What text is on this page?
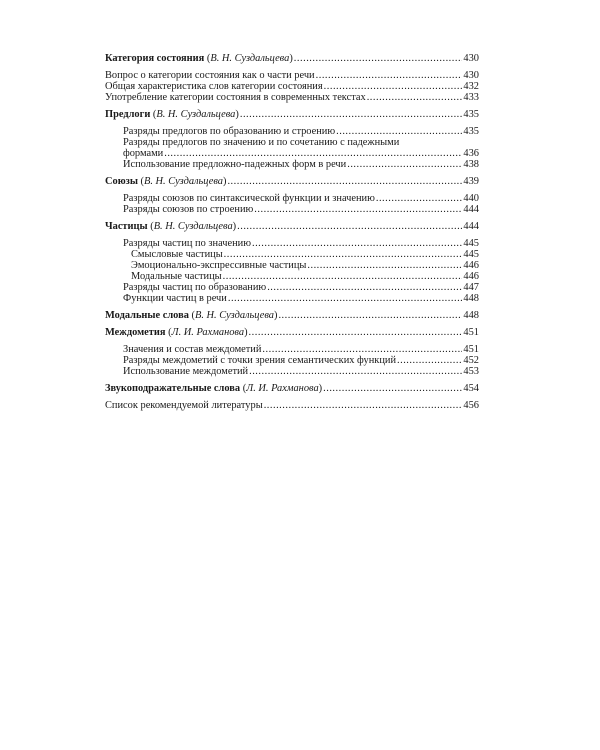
Категория состояния (В. Н. Суздальцева) .....	430
Вопрос о категории состояния как о части речи .....	430
Общая характеристика слов категории состояния .....	432
Употребление категории состояния в современных текстах .....	433
Предлоги (В. Н. Суздальцева) .....	435
Разряды предлогов по образованию и строению .....	435
Разряды предлогов по значению и по сочетанию с падежными
формами .....	436
Использование предложно-падежных форм в речи .....	438
Союзы (В. Н. Суздальцева) .....	439
Разряды союзов по синтаксической функции и значению .....	440
Разряды союзов по строению .....	444
Частицы (В. Н. Суздальцева) .....	444
Разряды частиц по значению .....	445
Смысловые частицы .....	445
Эмоционально-экспрессивные частицы .....	446
Модальные частицы .....	446
Разряды частиц по образованию .....	447
Функции частиц в речи .....	448
Модальные слова (В. Н. Суздальцева) .....	448
Междометия (Л. И. Рахманова) .....	451
Значения и состав междометий .....	451
Разряды междометий с точки зрения семантических функций .....	452
Использование междометий .....	453
Звукоподражательные слова (Л. И. Рахманова) .....	454
Список рекомендуемой литературы .....	456
